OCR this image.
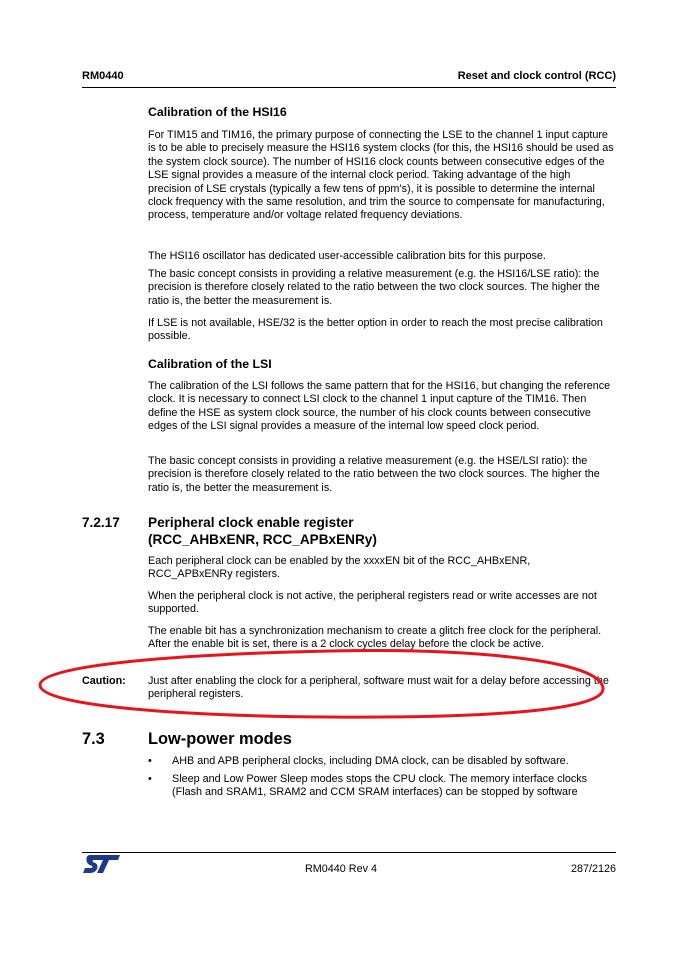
RM0440	Reset and clock control (RCC)
Calibration of the HSI16

For TIM15 and TIM16, the primary purpose of connecting the LSE to the channel 1 input capture is to be able to precisely measure the HSI16 system clocks (for this, the HSI16 should be used as the system clock source). The number of HSI16 clock counts between consecutive edges of the LSE signal provides a measure of the internal clock period. Taking advantage of the high precision of LSE crystals (typically a few tens of ppm’s), it is possible to determine the internal clock frequency with the same resolution, and trim the source to compensate for manufacturing, process, temperature and/or voltage related frequency deviations.

The HSI16 oscillator has dedicated user-accessible calibration bits for this purpose.

The basic concept consists in providing a relative measurement (e.g. the HSI16/LSE ratio): the precision is therefore closely related to the ratio between the two clock sources. The higher the ratio is, the better the measurement is.

If LSE is not available, HSE/32 is the better option in order to reach the most precise calibration possible.

Calibration of the LSI

The calibration of the LSI follows the same pattern that for the HSI16, but changing the reference clock. It is necessary to connect LSI clock to the channel 1 input capture of the TIM16. Then define the HSE as system clock source, the number of his clock counts between consecutive edges of the LSI signal provides a measure of the internal low speed clock period.

The basic concept consists in providing a relative measurement (e.g. the HSE/LSI ratio): the precision is therefore closely related to the ratio between the two clock sources. The higher the ratio is, the better the measurement is.

7.2.17 Peripheral clock enable register
(RCC_AHBxENR, RCC_APBxENRy)

Each peripheral clock can be enabled by the xxxxEN bit of the RCC_AHBxENR, RCC_APBxENRy registers.

When the peripheral clock is not active, the peripheral registers read or write accesses are not supported.

The enable bit has a synchronization mechanism to create a glitch free clock for the peripheral. After the enable bit is set, there is a 2 clock cycles delay before the clock be active.

Caution: Just after enabling the clock for a peripheral, software must wait for a delay before accessing the peripheral registers.

7.3	Low-power modes
• AHB and APB peripheral clocks, including DMA clock, can be disabled by software.
• Sleep and Low Power Sleep modes stops the CPU clock. The memory interface clocks (Flash and SRAM1, SRAM2 and CCM SRAM interfaces) can be stopped by software
RM0440 Rev 4	287/2126
